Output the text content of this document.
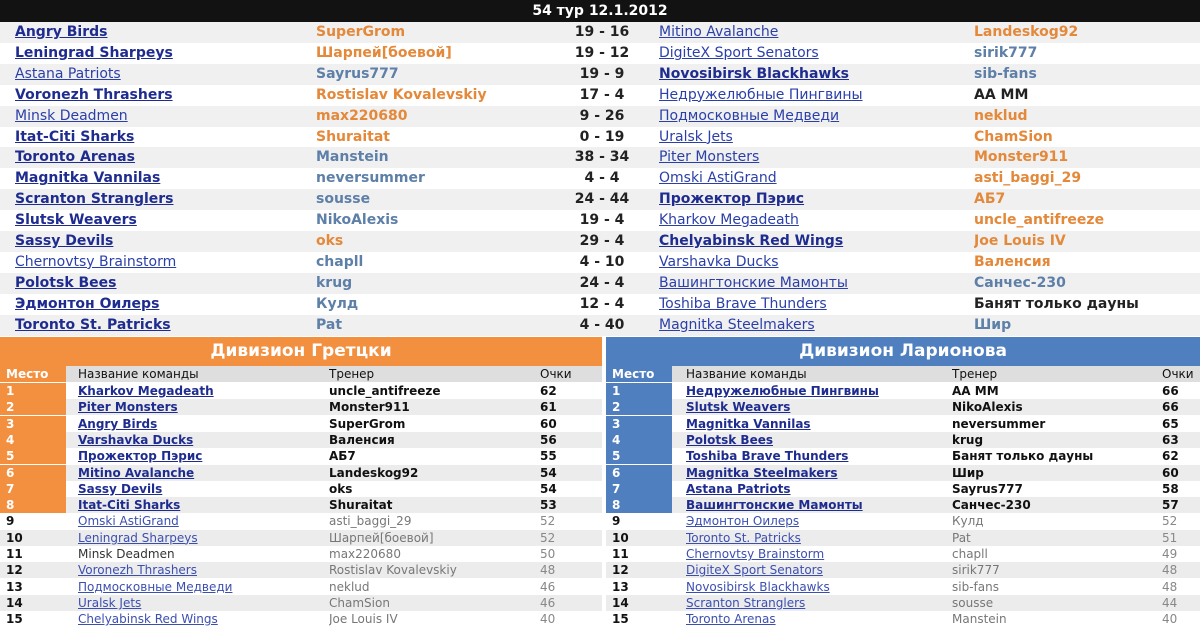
54 тур 12.1.2012
Angry Birds	SuperGrom	19 - 16	Mitino Avalanche	Landeskog92
Leningrad Sharpeys	Шарпей[боевой]	19 - 12	DigiteX Sport Senators	sirik777
Astana Patriots	Sayrus777	19 - 9	Novosibirsk Blackhawks	sib-fans
Voronezh Thrashers	Rostislav Kovalevskiy	17 - 4	Недружелюбные Пингвины	АА ММ
Minsk Deadmen	max220680	9 - 26	Подмосковные Медведи	neklud
Itat-Citi Sharks	Shuraitat	0 - 19	Uralsk Jets	ChamSion
Toronto Arenas	Manstein	38 - 34	Piter Monsters	Monster911
Magnitka Vannilas	neversummer	4 - 4	Omski AstiGrand	asti_baggi_29
Scranton Stranglers	sousse	24 - 44	Прожектор Пэрис	АБ7
Slutsk Weavers	NikoAlexis	19 - 4	Kharkov Megadeath	uncle_antifreeze
Sassy Devils	oks	29 - 4	Chelyabinsk Red Wings	Joe Louis IV
Chernovtsy Brainstorm	chapll	4 - 10	Varshavka Ducks	Валенсия
Polotsk Bees	krug	24 - 4	Вашингтонские Мамонты	Санчес-230
Эдмонтон Oилерs	Кулд	12 - 4	Toshiba Brave Thunders	Банят только дауны
Toronto St. Patricks	Pat	4 - 40	Magnitka Steelmakers	Шир
Дивизион Гретцки	Дивизион Ларионова
Место	Название команды	Тренер	Очки
1	Kharkov Megadeath	uncle_antifreeze	62
2	Piter Monsters	Monster911	61
3	Angry Birds	SuperGrom	60
4	Varshavka Ducks	Валенсия	56
5	Прожектор Пэрис	АБ7	55
6	Mitino Avalanche	Landeskog92	54
7	Sassy Devils	oks	54
8	Itat-Citi Sharks	Shuraitat	53
9	Omski AstiGrand	asti_baggi_29	52
10	Leningrad Sharpeys	Шарпей[боевой]	52
11	Minsk Deadmen	max220680	50
12	Voronezh Thrashers	Rostislav Kovalevskiy	48
13	Подмосковные Медведи	neklud	46
14	Uralsk Jets	ChamSion	46
15	Chelyabinsk Red Wings	Joe Louis IV	40
Место	Название команды	Тренер	Очки
1	Недружелюбные Пингвины	АА ММ	66
2	Slutsk Weavers	NikoAlexis	66
3	Magnitka Vannilas	neversummer	65
4	Polotsk Bees	krug	63
5	Toshiba Brave Thunders	Банят только дауны	62
6	Magnitka Steelmakers	Шир	60
7	Astana Patriots	Sayrus777	58
8	Вашингтонские Мамонты	Санчес-230	57
9	Эдмонтон Oилерs	Кулд	52
10	Toronto St. Patricks	Pat	51
11	Chernovtsy Brainstorm	chapll	49
12	DigiteX Sport Senators	sirik777	48
13	Novosibirsk Blackhawks	sib-fans	48
14	Scranton Stranglers	sousse	44
15	Toronto Arenas	Manstein	40
